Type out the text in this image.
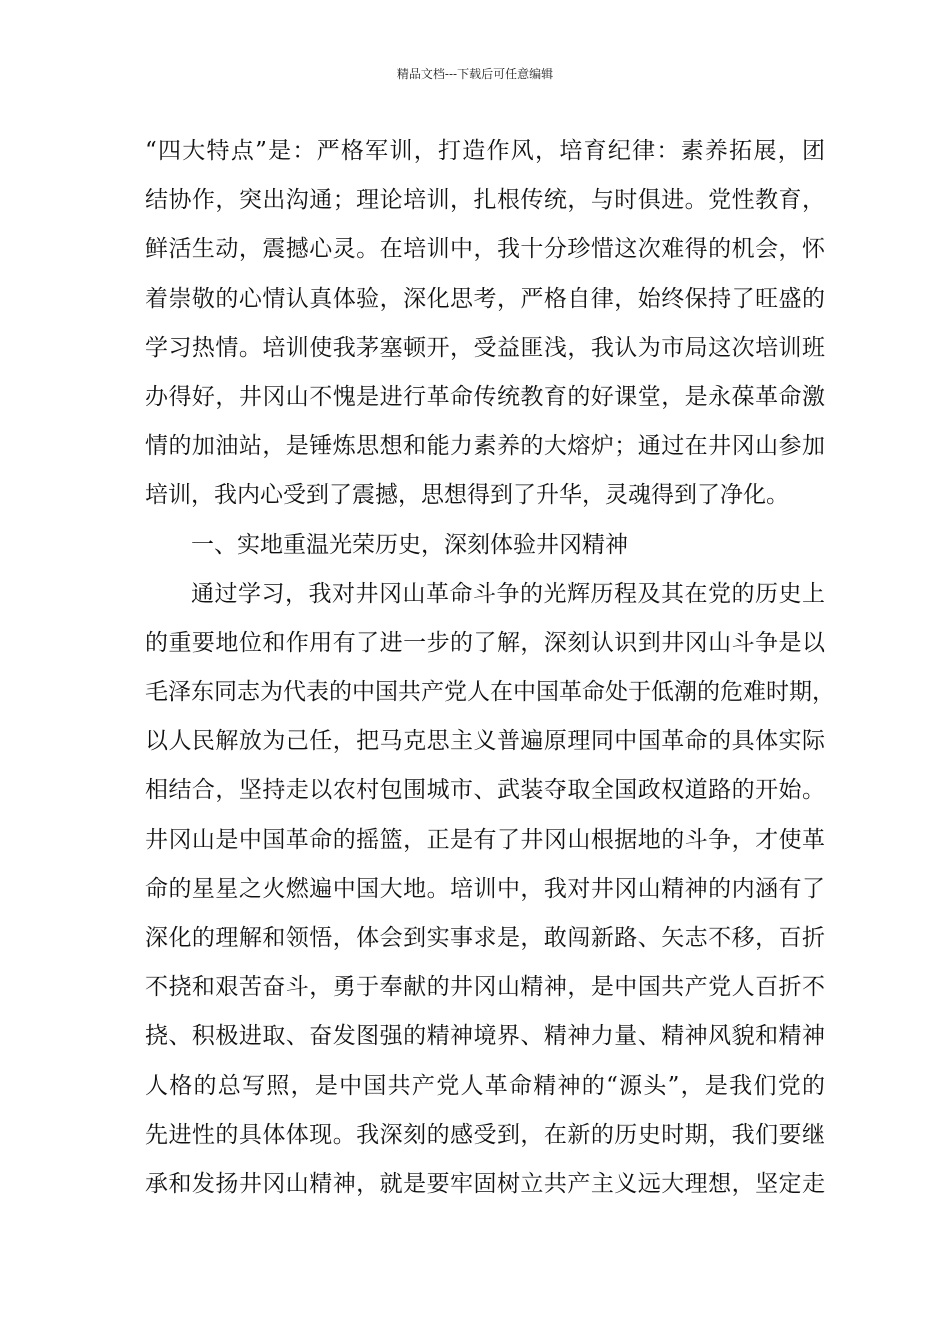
精品文档---下载后可任意编辑
“四大特点”是：严格军训，打造作风，培育纪律：素养拓展，团
结协作，突出沟通；理论培训，扎根传统，与时俱进。党性教育，
鲜活生动，震撼心灵。在培训中，我十分珍惜这次难得的机会，怀
着崇敬的心情认真体验，深化思考，严格自律，始终保持了旺盛的
学习热情。培训使我茅塞顿开，受益匪浅，我认为市局这次培训班
办得好，井冈山不愧是进行革命传统教育的好课堂，是永葆革命激
情的加油站，是锤炼思想和能力素养的大熔炉；通过在井冈山参加
培训，我内心受到了震撼，思想得到了升华，灵魂得到了净化。
一、实地重温光荣历史，深刻体验井冈精神
通过学习，我对井冈山革命斗争的光辉历程及其在党的历史上
的重要地位和作用有了进一步的了解，深刻认识到井冈山斗争是以
毛泽东同志为代表的中国共产党人在中国革命处于低潮的危难时期，
以人民解放为己任，把马克思主义普遍原理同中国革命的具体实际
相结合，坚持走以农村包围城市、武装夺取全国政权道路的开始。
井冈山是中国革命的摇篮，正是有了井冈山根据地的斗争，才使革
命的星星之火燃遍中国大地。培训中，我对井冈山精神的内涵有了
深化的理解和领悟，体会到实事求是，敢闯新路、矢志不移，百折
不挠和艰苦奋斗，勇于奉献的井冈山精神，是中国共产党人百折不
挠、积极进取、奋发图强的精神境界、精神力量、精神风貌和精神
人格的总写照，是中国共产党人革命精神的“源头”，是我们党的
先进性的具体体现。我深刻的感受到，在新的历史时期，我们要继
承和发扬井冈山精神，就是要牢固树立共产主义远大理想，坚定走
